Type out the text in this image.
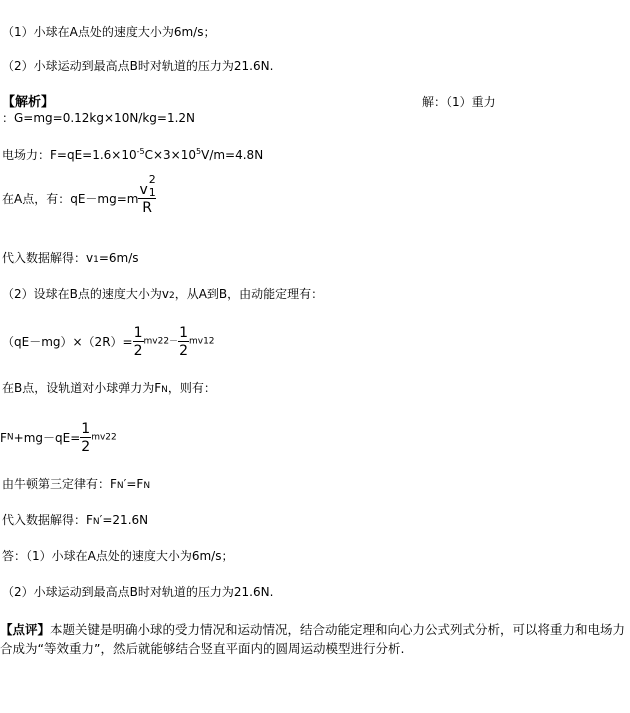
（1）小球在A点处的速度大小为6m/s；
（2）小球运动到最高点B时对轨道的压力为21.6N.
【解析】	解：（1）重力
：G=mg=0.12kg×10N/kg=1.2N
电场力：$F=qE=1.6\times 10^{-5}C\times 3\times 10^5V/m=4.8N$
在A点，有：qE－mg=m v
2
1
R
代入数据解得：v1=6m/s
（2）设球在B点的速度大小为v2，从A到B，由动能定理有：
$(qE-mg)\times(2R)= \frac{1}{2} mv22- \frac{1}{2} mv12$
在B点，设轨道对小球弹力为FN，则有：
$FN+mg-qE= \frac{1}{2} mv22$
由牛顿第三定律有：FN′=FN
代入数据解得：FN′=21.6N
答：（1）小球在A点处的速度大小为6m/s；
（2）小球运动到最高点B时对轨道的压力为21.6N.
【点评】本题关键是明确小球的受力情况和运动情况，结合动能定理和向心力公式列式分析，可以将重力和电场力合成为“等效重力”，然后就能够结合竖直平面内的圆周运动模型进行分析.
